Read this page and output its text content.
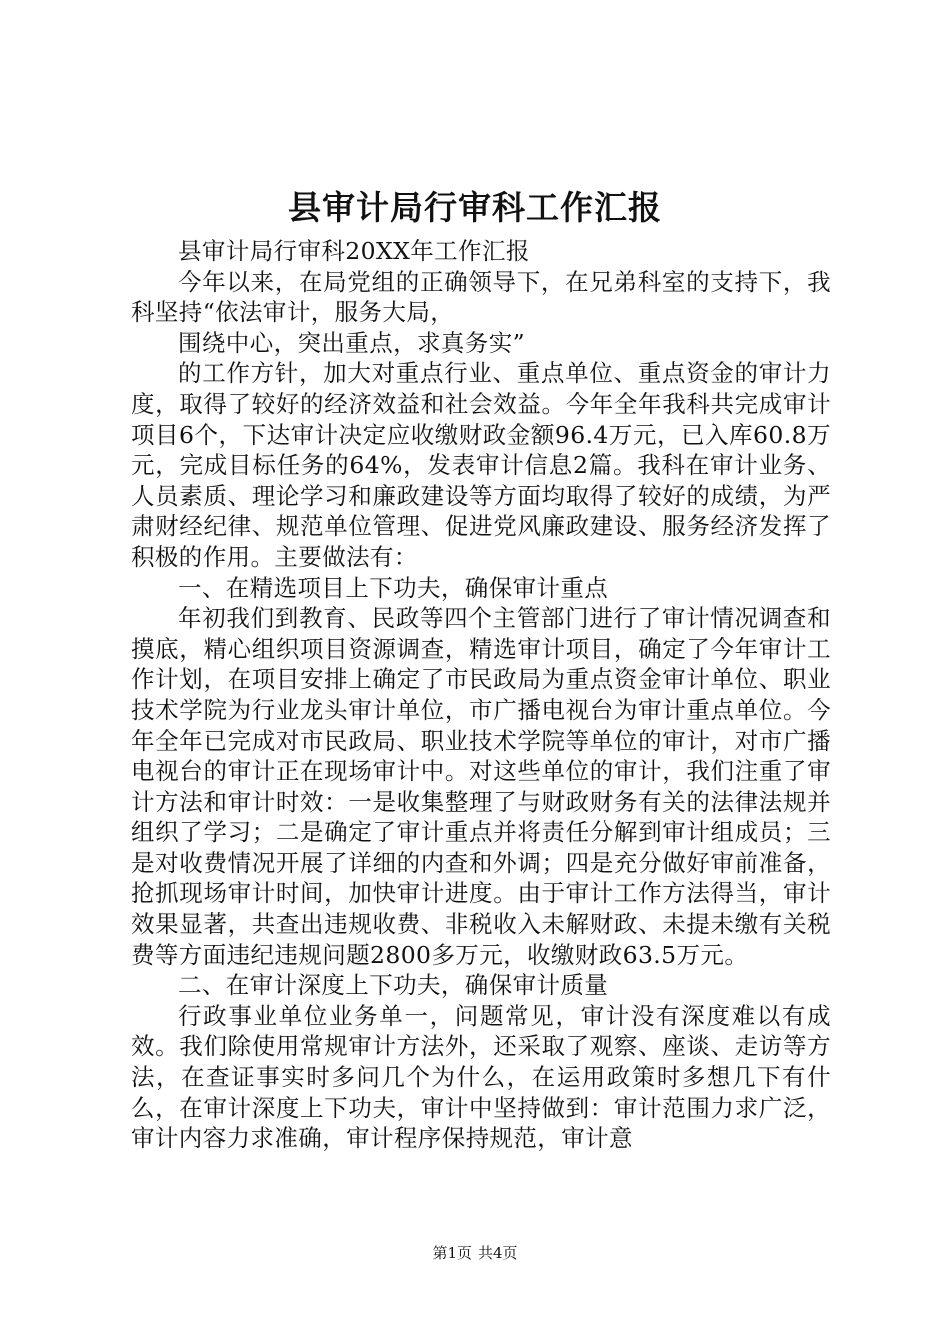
县审计局行审科工作汇报

县审计局行审科20XX年工作汇报

今年以来，在局党组的正确领导下，在兄弟科室的支持下，我科坚持“依法审计，服务大局，

围绕中心，突出重点，求真务实”

的工作方针，加大对重点行业、重点单位、重点资金的审计力度，取得了较好的经济效益和社会效益。今年全年我科共完成审计项目6个，下达审计决定应收缴财政金额96.4万元，已入库60.8万元，完成目标任务的64%，发表审计信息2篇。我科在审计业务、人员素质、理论学习和廉政建设等方面均取得了较好的成绩，为严肃财经纪律、规范单位管理、促进党风廉政建设、服务经济发挥了积极的作用。主要做法有：

一、在精选项目上下功夫，确保审计重点

年初我们到教育、民政等四个主管部门进行了审计情况调查和摸底，精心组织项目资源调查，精选审计项目，确定了今年审计工作计划，在项目安排上确定了市民政局为重点资金审计单位、职业技术学院为行业龙头审计单位，市广播电视台为审计重点单位。今年全年已完成对市民政局、职业技术学院等单位的审计，对市广播电视台的审计正在现场审计中。对这些单位的审计，我们注重了审计方法和审计时效：一是收集整理了与财政财务有关的法律法规并组织了学习；二是确定了审计重点并将责任分解到审计组成员；三是对收费情况开展了详细的内查和外调；四是充分做好审前准备，抢抓现场审计时间，加快审计进度。由于审计工作方法得当，审计效果显著，共查出违规收费、非税收入未解财政、未提未缴有关税费等方面违纪违规问题2800多万元，收缴财政63.5万元。

二、在审计深度上下功夫，确保审计质量

行政事业单位业务单一，问题常见，审计没有深度难以有成效。我们除使用常规审计方法外，还采取了观察、座谈、走访等方法，在查证事实时多问几个为什么，在运用政策时多想几下有什么，在审计深度上下功夫，审计中坚持做到：审计范围力求广泛，审计内容力求准确，审计程序保持规范，审计意

第1页 共4页
